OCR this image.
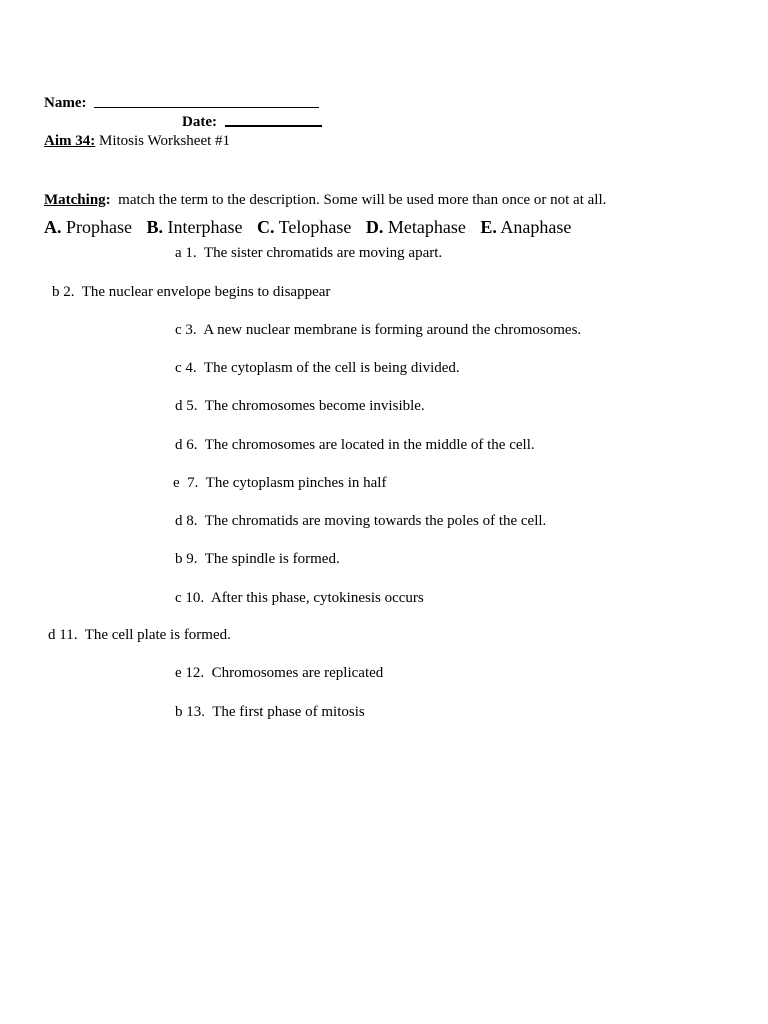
Name:
Date:
Aim 34: Mitosis Worksheet #1
Matching: match the term to the description. Some will be used more than once or not at all.
A. Prophase B. Interphase C. Telophase D. Metaphase E. Anaphase
a 1. The sister chromatids are moving apart.
b 2. The nuclear envelope begins to disappear
c 3. A new nuclear membrane is forming around the chromosomes.
c 4. The cytoplasm of the cell is being divided.
d 5. The chromosomes become invisible.
d 6. The chromosomes are located in the middle of the cell.
e 7. The cytoplasm pinches in half
d 8. The chromatids are moving towards the poles of the cell.
b 9. The spindle is formed.
c 10. After this phase, cytokinesis occurs
d 11. The cell plate is formed.
e 12. Chromosomes are replicated
b 13. The first phase of mitosis
